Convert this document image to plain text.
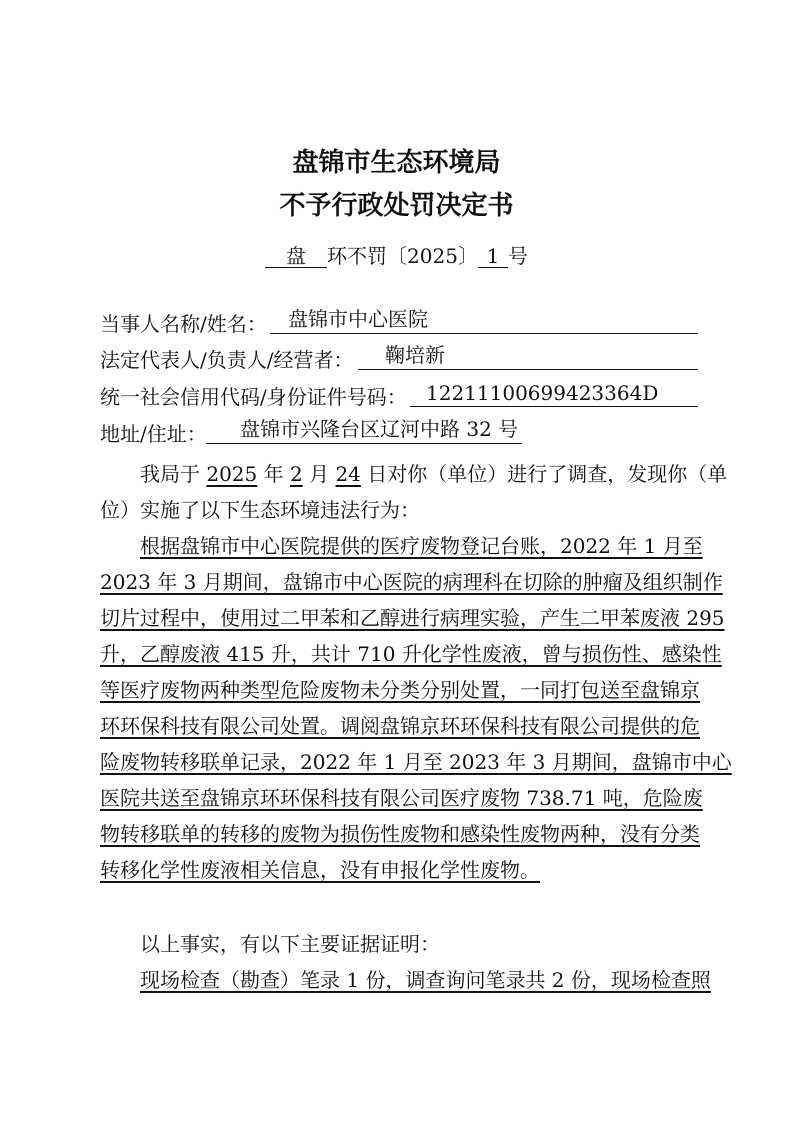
盘锦市生态环境局
不予行政处罚决定书
盘 环不罚〔2025〕 1 号
当事人名称/姓名： 盘锦市中心医院
法定代表人/负责人/经营者： 鞠培新
统一社会信用代码/身份证件号码： 12211100699423364D
地址/住址： 盘锦市兴隆台区辽河中路 32 号
我局于 2025 年 2 月 24 日对你（单位）进行了调查，发现你（单
位）实施了以下生态环境违法行为：
根据盘锦市中心医院提供的医疗废物登记台账，2022 年 1 月至
2023 年 3 月期间，盘锦市中心医院的病理科在切除的肿瘤及组织制作
切片过程中，使用过二甲苯和乙醇进行病理实验，产生二甲苯废液 295
升，乙醇废液 415 升，共计 710 升化学性废液，曾与损伤性、感染性
等医疗废物两种类型危险废物未分类分别处置，一同打包送至盘锦京
环环保科技有限公司处置。调阅盘锦京环环保科技有限公司提供的危
险废物转移联单记录，2022 年 1 月至 2023 年 3 月期间，盘锦市中心
医院共送至盘锦京环环保科技有限公司医疗废物 738.71 吨，危险废
物转移联单的转移的废物为损伤性废物和感染性废物两种，没有分类
转移化学性废液相关信息，没有申报化学性废物。
以上事实，有以下主要证据证明：
现场检查（勘查）笔录 1 份，调查询问笔录共 2 份，现场检查照
